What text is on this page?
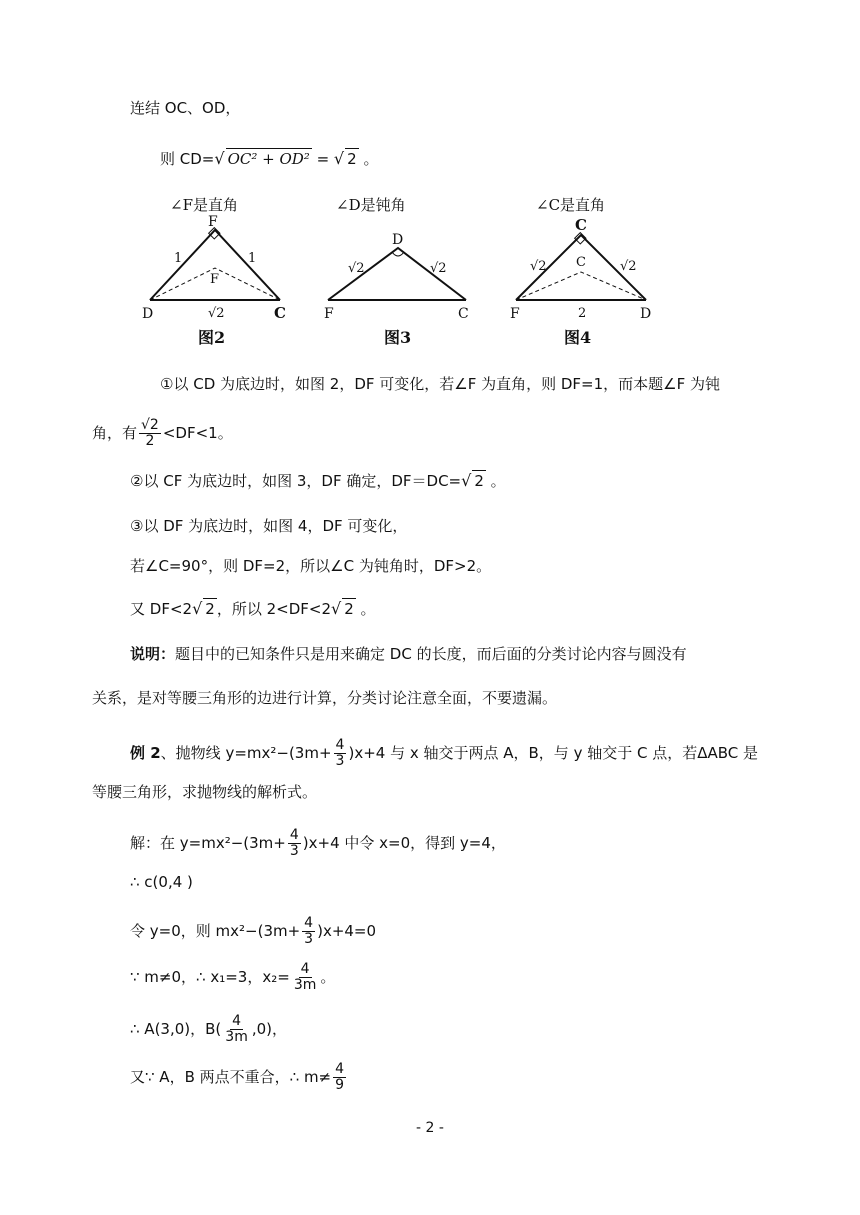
连结 OC、OD，
则 CD=√ OC² + OD² = √ 2 。
∠F是直角
F
F
D	C
1	1
√2
图2
∠D是钝角
D
F	C
√2	√2
图3
∠C是直角
C
C
F	D
√2	√2
2
图4
①以 CD 为底边时，如图 2，DF 可变化，若∠F 为直角，则 DF=1，而本题∠F 为钝
角，有 $\frac{√2}{2} <DF<1$。
②以 CF 为底边时，如图 3，DF 确定，DF＝DC=√ 2 。
③以 DF 为底边时，如图 4，DF 可变化，
若∠C=90°，则 DF=2，所以∠C 为钝角时，DF>2。
又 DF<2√ 2 ，所以 2<DF<2√ 2 。
说明：题目中的已知条件只是用来确定 DC 的长度，而后面的分类讨论内容与圆没有
关系，是对等腰三角形的边进行计算，分类讨论注意全面，不要遗漏。
例 2、抛物线 $y=mx^2-(3m+ \frac{4}{3} )x+4$ 与 x 轴交于两点 A，B，与 y 轴交于 C 点，若ΔABC 是
等腰三角形，求抛物线的解析式。
解：在 $y=mx^2-(3m+ \frac{4}{3} )x+4$ 中令 x=0，得到 y=4，
∴ c(0,4 )
令 y=0，则 $mx^2-(3m+ \frac{4}{3} )x+4=0$
∵ m≠0，∴ x₁=3，$x_2= \frac{4}{3m}$ 。
∴ A(3,0)，$B( \frac{4}{3m} ,0)$，
又∵ A，B 两点不重合，∴ $m\ne \frac{4}{9}$
- 2 -
